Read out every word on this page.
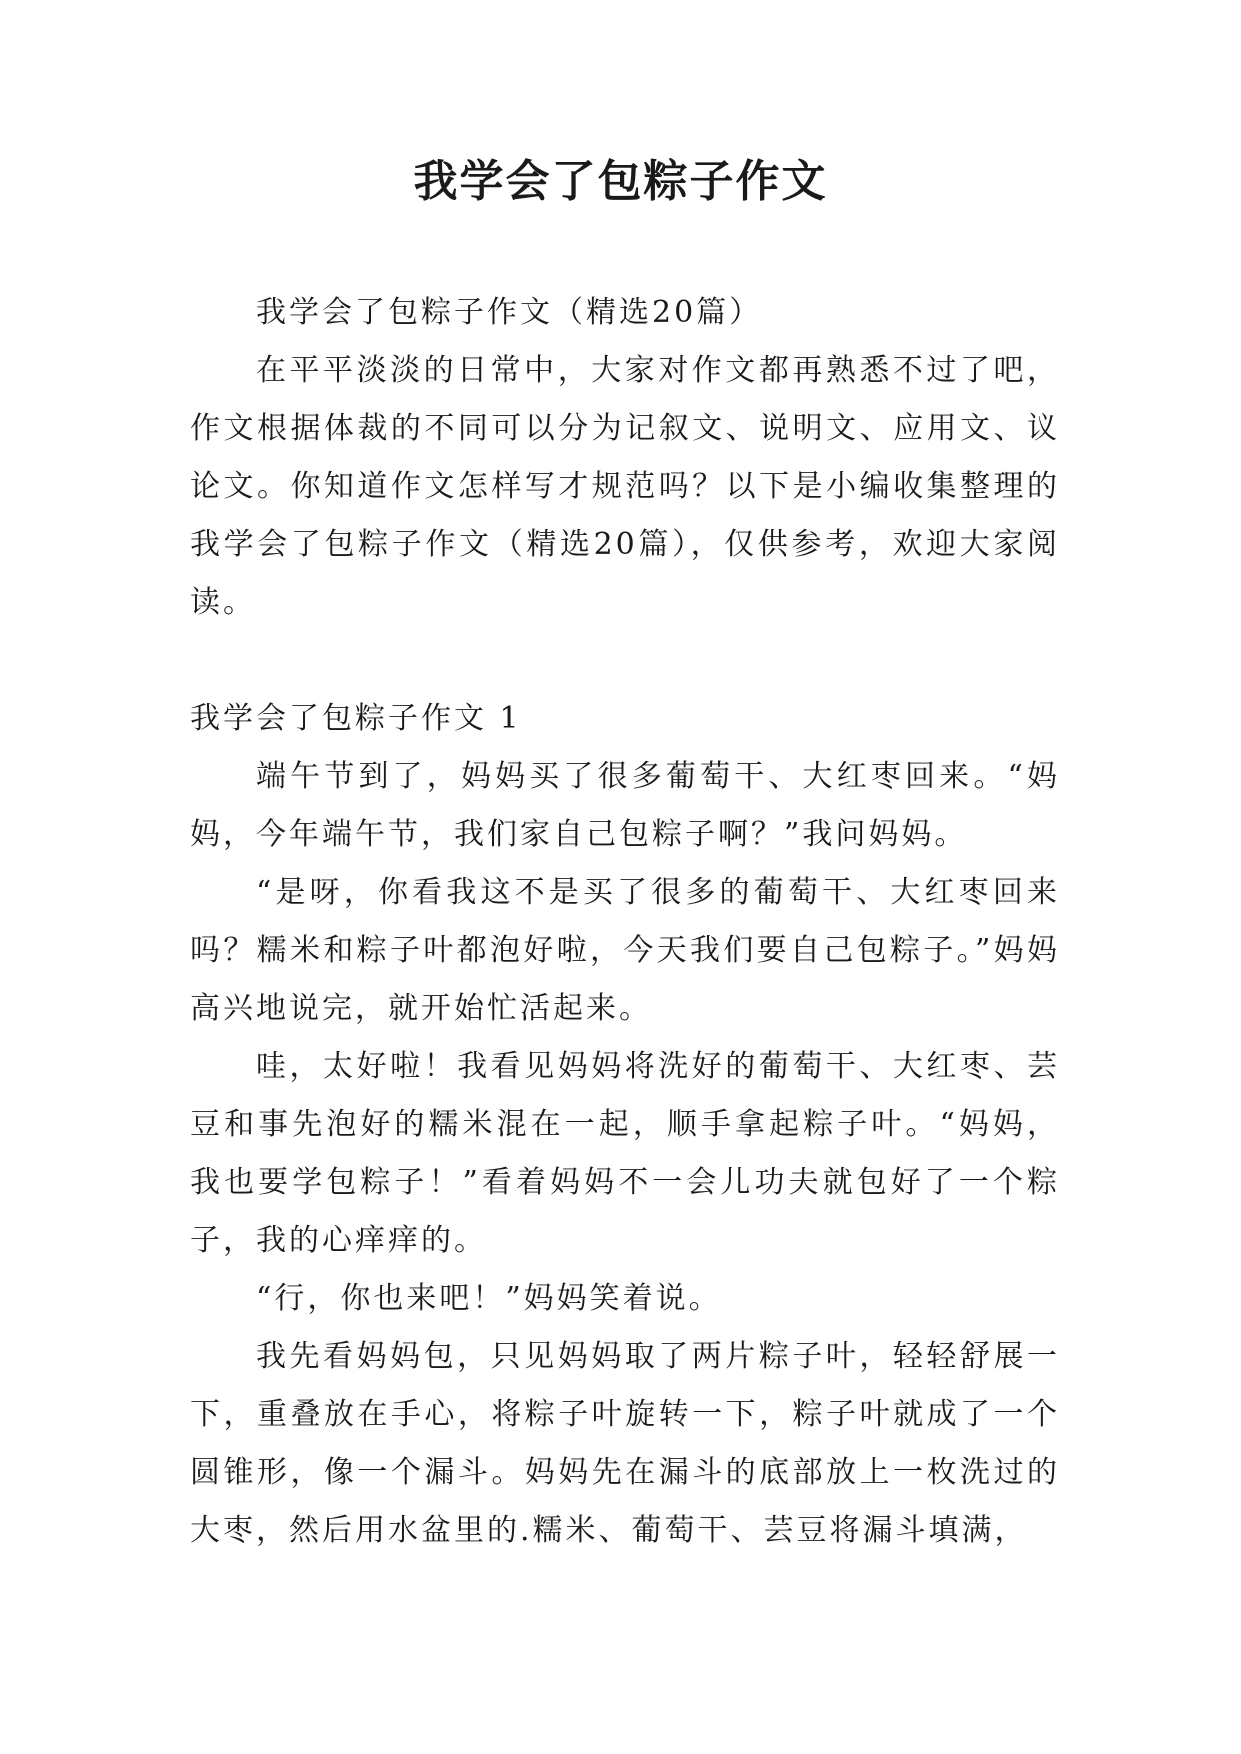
我学会了包粽子作文

我学会了包粽子作文（精选20篇）

在平平淡淡的日常中，大家对作文都再熟悉不过了吧，作文根据体裁的不同可以分为记叙文、说明文、应用文、议论文。你知道作文怎样写才规范吗？以下是小编收集整理的我学会了包粽子作文（精选20篇），仅供参考，欢迎大家阅读。

我学会了包粽子作文 1

端午节到了，妈妈买了很多葡萄干、大红枣回来。“妈妈，今年端午节，我们家自己包粽子啊？”我问妈妈。

“是呀，你看我这不是买了很多的葡萄干、大红枣回来吗？糯米和粽子叶都泡好啦，今天我们要自己包粽子。”妈妈高兴地说完，就开始忙活起来。

哇，太好啦！我看见妈妈将洗好的葡萄干、大红枣、芸豆和事先泡好的糯米混在一起，顺手拿起粽子叶。“妈妈，我也要学包粽子！”看着妈妈不一会儿功夫就包好了一个粽子，我的心痒痒的。

“行，你也来吧！”妈妈笑着说。

我先看妈妈包，只见妈妈取了两片粽子叶，轻轻舒展一下，重叠放在手心，将粽子叶旋转一下，粽子叶就成了一个圆锥形，像一个漏斗。妈妈先在漏斗的底部放上一枚洗过的大枣，然后用水盆里的.糯米、葡萄干、芸豆将漏斗填满，
